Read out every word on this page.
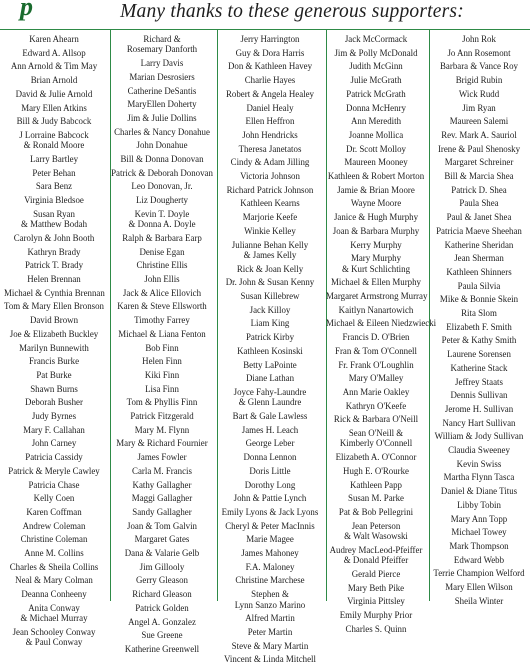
p	Many thanks to these generous supporters:
Karen Ahearn
Edward A. Allsop
Ann Arnold & Tim May
Brian Arnold
David & Julie Arnold
Mary Ellen Atkins
Bill & Judy Babcock
J Lorraine Babcock
& Ronald Moore
Larry Bartley
Peter Behan
Sara Benz
Virginia Bledsoe
Susan Ryan
& Matthew Bodah
Carolyn & John Booth
Kathryn Brady
Patrick T. Brady
Helen Brennan
Michael & Cynthia Brennan
Tom & Mary Ellen Bronson
David Brown
Joe & Elizabeth Buckley
Marilyn Bunnewith
Francis Burke
Pat Burke
Shawn Burns
Deborah Busher
Judy Byrnes
Mary F. Callahan
John Carney
Patricia Cassidy
Patrick & Meryle Cawley
Patricia Chase
Kelly Coen
Karen Coffman
Andrew Coleman
Christine Coleman
Anne M. Collins
Charles & Sheila Collins
Neal & Mary Colman
Deanna Conheeny
Anita Conway
& Michael Murray
Jean Schooley Conway
& Paul Conway
Richard &
Rosemary Danforth
Larry Davis
Marian Desrosiers
Catherine DeSantis
MaryEllen Doherty
Jim & Julie Dollins
Charles & Nancy Donahue
John Donahue
Bill & Donna Donovan
Patrick & Deborah Donovan
Leo Donovan, Jr.
Liz Dougherty
Kevin T. Doyle
& Donna A. Doyle
Ralph & Barbara Earp
Denise Egan
Christine Ellis
John Ellis
Jack & Alice Ellovich
Karen & Steve Ellsworth
Timothy Farrey
Michael & Liana Fenton
Bob Finn
Helen Finn
Kiki Finn
Lisa Finn
Tom & Phyllis Finn
Patrick Fitzgerald
Mary M. Flynn
Mary & Richard Fournier
James Fowler
Carla M. Francis
Kathy Gallagher
Maggi Gallagher
Sandy Gallagher
Joan & Tom Galvin
Margaret Gates
Dana & Valarie Gelb
Jim Gillooly
Gerry Gleason
Richard Gleason
Patrick Golden
Angel A. Gonzalez
Sue Greene
Katherine Greenwell
Jerry Harrington
Guy & Dora Harris
Don & Kathleen Havey
Charlie Hayes
Robert & Angela Healey
Daniel Healy
Ellen Heffron
John Hendricks
Theresa Janetatos
Cindy & Adam Jilling
Victoria Johnson
Richard Patrick Johnson
Kathleen Kearns
Marjorie Keefe
Winkie Kelley
Julianne Behan Kelly
& James Kelly
Rick & Joan Kelly
Dr. John & Susan Kenny
Susan Killebrew
Jack Killoy
Liam King
Patrick Kirby
Kathleen Kosinski
Betty LaPointe
Diane Lathan
Joyce Fahy-Laundre
& Glenn Laundre
Bart & Gale Lawless
James H. Leach
George Leber
Donna Lennon
Doris Little
Dorothy Long
John & Pattie Lynch
Emily Lyons & Jack Lyons
Cheryl & Peter MacInnis
Marie Magee
James Mahoney
F.A. Maloney
Christine Marchese
Stephen &
Lynn Sanzo Marino
Alfred Martin
Peter Martin
Steve & Mary Martin
Vincent & Linda Mitchell
Jack McCormack
Jim & Polly McDonald
Judith McGinn
Julie McGrath
Patrick McGrath
Donna McHenry
Ann Meredith
Joanne Mollica
Dr. Scott Molloy
Maureen Mooney
Kathleen & Robert Morton
Jamie & Brian Moore
Wayne Moore
Janice & Hugh Murphy
Joan & Barbara Murphy
Kerry Murphy
Mary Murphy
& Kurt Schlichting
Michael & Ellen Murphy
Margaret Armstrong Murray
Kaitlyn Nanartowich
Michael & Eileen Niedzwiecki
Francis D. O'Brien
Fran & Tom O'Connell
Fr. Frank O'Loughlin
Mary O'Malley
Ann Marie Oakley
Kathryn O'Keefe
Rick & Barbara O'Neill
Sean O'Neill &
Kimberly O'Connell
Elizabeth A. O'Connor
Hugh E. O'Rourke
Kathleen Papp
Susan M. Parke
Pat & Bob Pellegrini
Jean Peterson
& Walt Wasowski
Audrey MacLeod-Pfeiffer
& Donald Pfeiffer
Gerald Pierce
Mary Beth Pike
Virginia Pittsley
Emily Murphy Prior
Charles S. Quinn
John Rok
Jo Ann Rosemont
Barbara & Vance Roy
Brigid Rubin
Wick Rudd
Jim Ryan
Maureen Salemi
Rev. Mark A. Sauriol
Irene & Paul Shenosky
Margaret Schreiner
Bill & Marcia Shea
Patrick D. Shea
Paula Shea
Paul & Janet Shea
Patricia Maeve Sheehan
Katherine Sheridan
Jean Sherman
Kathleen Shinners
Paula Silvia
Mike & Bonnie Skein
Rita Slom
Elizabeth F. Smith
Peter & Kathy Smith
Laurene Sorensen
Katherine Stack
Jeffrey Staats
Dennis Sullivan
Jerome H. Sullivan
Nancy Hart Sullivan
William & Jody Sullivan
Claudia Sweeney
Kevin Swiss
Martha Flynn Tasca
Daniel & Diane Titus
Libby Tobin
Mary Ann Topp
Michael Towey
Mark Thompson
Edward Webb
Terrie Champion Welford
Mary Ellen Wilson
Sheila Winter
